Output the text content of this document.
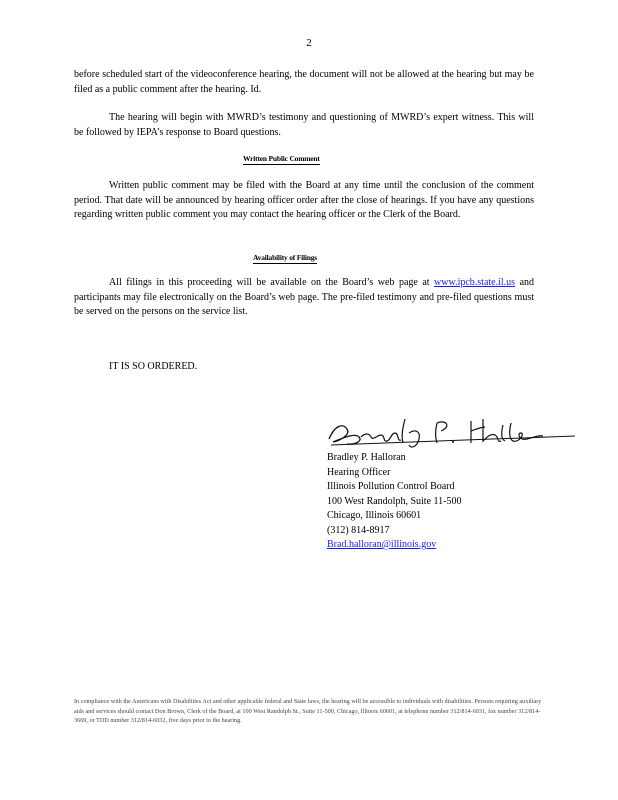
2
before scheduled start of the videoconference hearing, the document will not be allowed at the hearing but may be filed as a public comment after the hearing. Id.
The hearing will begin with MWRD’s testimony and questioning of MWRD’s expert witness. This will be followed by IEPA’s response to Board questions.
Written Public Comment
Written public comment may be filed with the Board at any time until the conclusion of the comment period. That date will be announced by hearing officer order after the close of hearings. If you have any questions regarding written public comment you may contact the hearing officer or the Clerk of the Board.
Availability of Filings
All filings in this proceeding will be available on the Board’s web page at www.ipcb.state.il.us and participants may file electronically on the Board’s web page. The pre-filed testimony and pre-filed questions must be served on the persons on the service list.
IT IS SO ORDERED.
Bradley P. Halloran
Hearing Officer
Illinois Pollution Control Board
100 West Randolph, Suite 11-500
Chicago, Illinois 60601
(312) 814-8917
Brad.halloran@illinois.gov
In compliance with the Americans with Disabilities Act and other applicable federal and State laws, the hearing will be accessible to individuals with disabilities. Persons requiring auxiliary aids and services should contact Don Brown, Clerk of the Board, at 100 West Randolph St., Suite 11-500, Chicago, Illinois 60601, at telephone number 312/814-6931, fax number 312/814-3669, or TDD number 312/814-6032, five days prior to the hearing.
